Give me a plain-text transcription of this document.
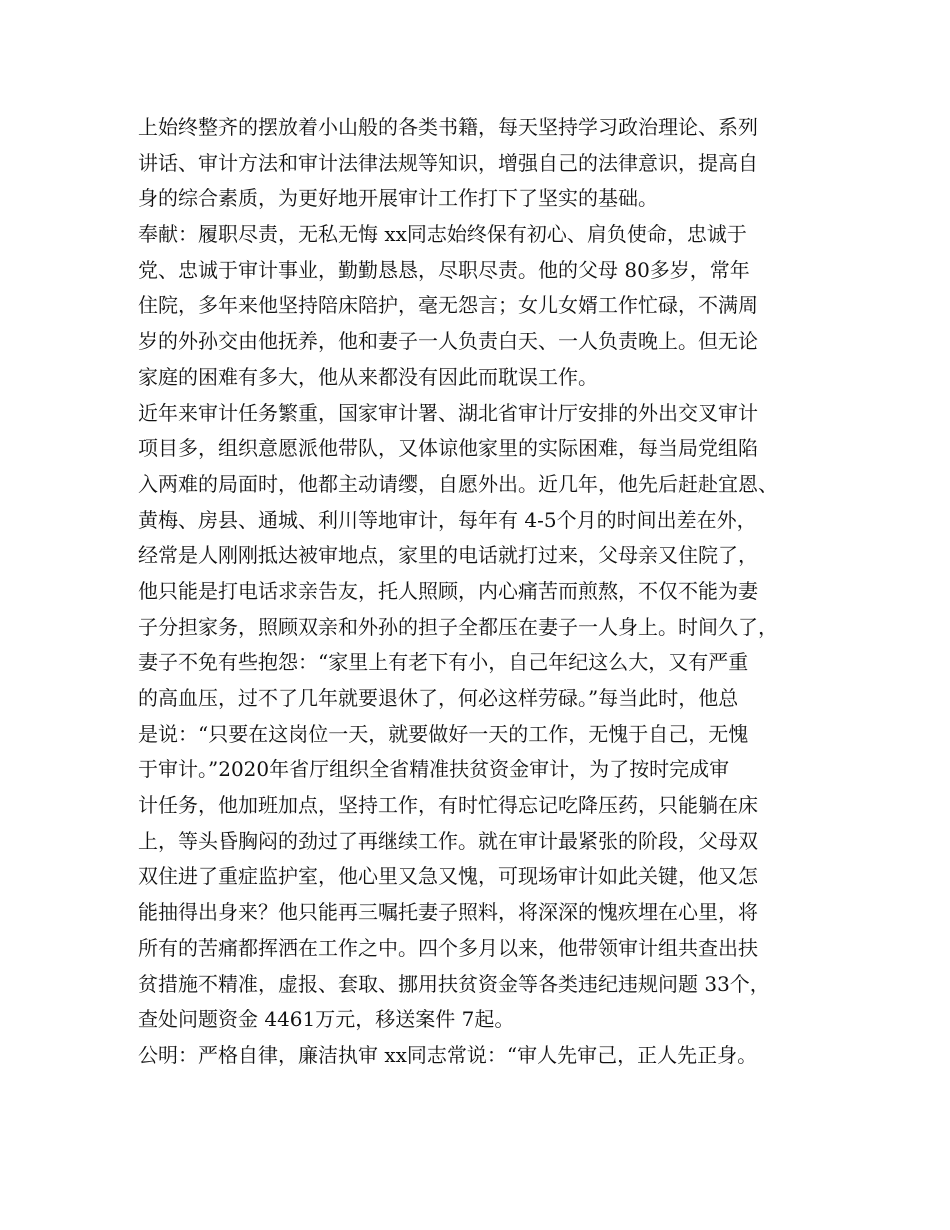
上始终整齐的摆放着小山般的各类书籍，每天坚持学习政治理论、系列
讲话、审计方法和审计法律法规等知识，增强自己的法律意识，提高自
身的综合素质，为更好地开展审计工作打下了坚实的基础。
奉献：履职尽责，无私无悔 xx同志始终保有初心、肩负使命，忠诚于
党、忠诚于审计事业，勤勤恳恳，尽职尽责。他的父母 80多岁，常年
住院，多年来他坚持陪床陪护，毫无怨言；女儿女婿工作忙碌，不满周
岁的外孙交由他抚养，他和妻子一人负责白天、一人负责晚上。但无论
家庭的困难有多大，他从来都没有因此而耽误工作。
近年来审计任务繁重，国家审计署、湖北省审计厅安排的外出交叉审计
项目多，组织意愿派他带队，又体谅他家里的实际困难，每当局党组陷
入两难的局面时，他都主动请缨，自愿外出。近几年，他先后赶赴宜恩、
黄梅、房县、通城、利川等地审计，每年有 4-5个月的时间出差在外，
经常是人刚刚抵达被审地点，家里的电话就打过来，父母亲又住院了，
他只能是打电话求亲告友，托人照顾，内心痛苦而煎熬，不仅不能为妻
子分担家务，照顾双亲和外孙的担子全都压在妻子一人身上。时间久了，
妻子不免有些抱怨：“家里上有老下有小，自己年纪这么大，又有严重
的高血压，过不了几年就要退休了，何必这样劳碌。”每当此时，他总
是说：“只要在这岗位一天，就要做好一天的工作，无愧于自己，无愧
于审计。”2020年省厅组织全省精准扶贫资金审计，为了按时完成审
计任务，他加班加点，坚持工作，有时忙得忘记吃降压药，只能躺在床
上，等头昏胸闷的劲过了再继续工作。就在审计最紧张的阶段，父母双
双住进了重症监护室，他心里又急又愧，可现场审计如此关键，他又怎
能抽得出身来？他只能再三嘱托妻子照料，将深深的愧疚埋在心里，将
所有的苦痛都挥洒在工作之中。四个多月以来，他带领审计组共查出扶
贫措施不精准，虚报、套取、挪用扶贫资金等各类违纪违规问题 33个，
查处问题资金 4461万元，移送案件 7起。
公明：严格自律，廉洁执审 xx同志常说：“审人先审己，正人先正身。
